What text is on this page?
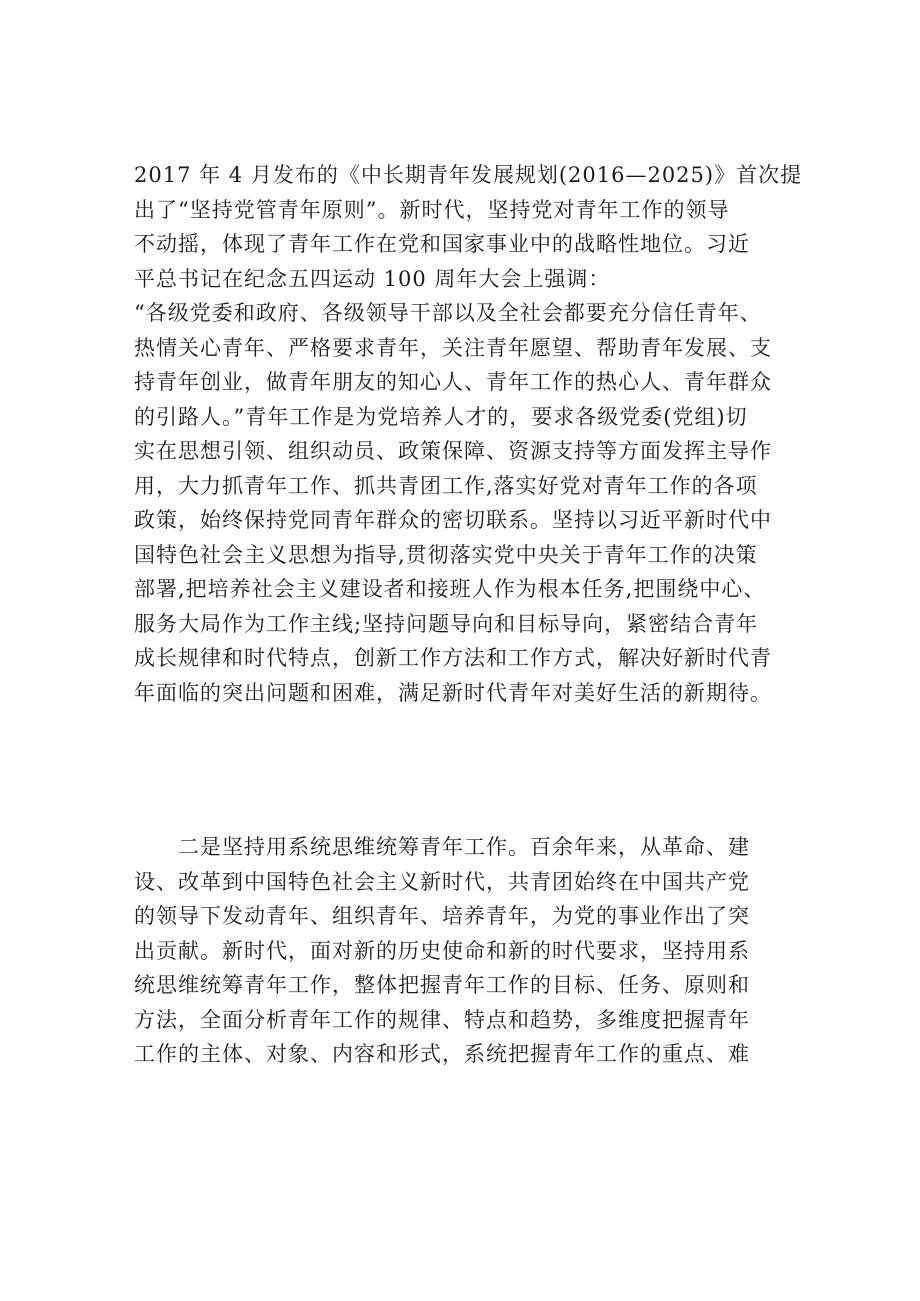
2017 年 4 月发布的《中长期青年发展规划(2016—2025)》首次提
出了“坚持党管青年原则”。新时代，坚持党对青年工作的领导
不动摇，体现了青年工作在党和国家事业中的战略性地位。习近
平总书记在纪念五四运动 100 周年大会上强调：
“各级党委和政府、各级领导干部以及全社会都要充分信任青年、
热情关心青年、严格要求青年，关注青年愿望、帮助青年发展、支
持青年创业，做青年朋友的知心人、青年工作的热心人、青年群众
的引路人。”青年工作是为党培养人才的，要求各级党委(党组)切
实在思想引领、组织动员、政策保障、资源支持等方面发挥主导作
用，大力抓青年工作、抓共青团工作,落实好党对青年工作的各项
政策，始终保持党同青年群众的密切联系。坚持以习近平新时代中
国特色社会主义思想为指导,贯彻落实党中央关于青年工作的决策
部署,把培养社会主义建设者和接班人作为根本任务,把围绕中心、
服务大局作为工作主线;坚持问题导向和目标导向，紧密结合青年
成长规律和时代特点，创新工作方法和工作方式，解决好新时代青
年面临的突出问题和困难，满足新时代青年对美好生活的新期待。
　　二是坚持用系统思维统筹青年工作。百余年来，从革命、建
设、改革到中国特色社会主义新时代，共青团始终在中国共产党
的领导下发动青年、组织青年、培养青年，为党的事业作出了突
出贡献。新时代，面对新的历史使命和新的时代要求，坚持用系
统思维统筹青年工作，整体把握青年工作的目标、任务、原则和
方法，全面分析青年工作的规律、特点和趋势，多维度把握青年
工作的主体、对象、内容和形式，系统把握青年工作的重点、难
